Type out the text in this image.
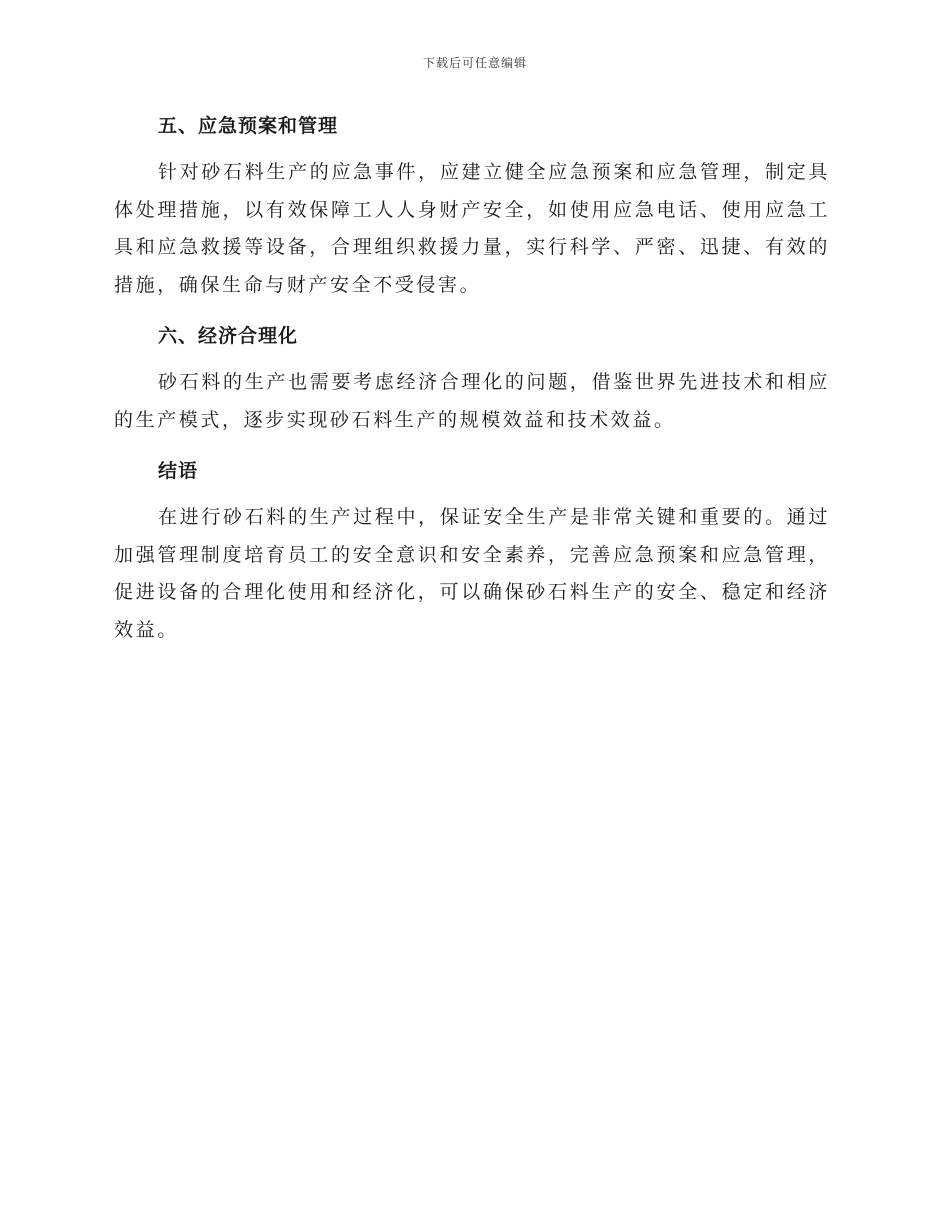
下载后可任意编辑
五、应急预案和管理

针对砂石料生产的应急事件，应建立健全应急预案和应急管理，制定具体处理措施，以有效保障工人人身财产安全，如使用应急电话、使用应急工具和应急救援等设备，合理组织救援力量，实行科学、严密、迅捷、有效的措施，确保生命与财产安全不受侵害。

六、经济合理化

砂石料的生产也需要考虑经济合理化的问题，借鉴世界先进技术和相应的生产模式，逐步实现砂石料生产的规模效益和技术效益。

结语

在进行砂石料的生产过程中，保证安全生产是非常关键和重要的。通过加强管理制度培育员工的安全意识和安全素养，完善应急预案和应急管理，促进设备的合理化使用和经济化，可以确保砂石料生产的安全、稳定和经济效益。
